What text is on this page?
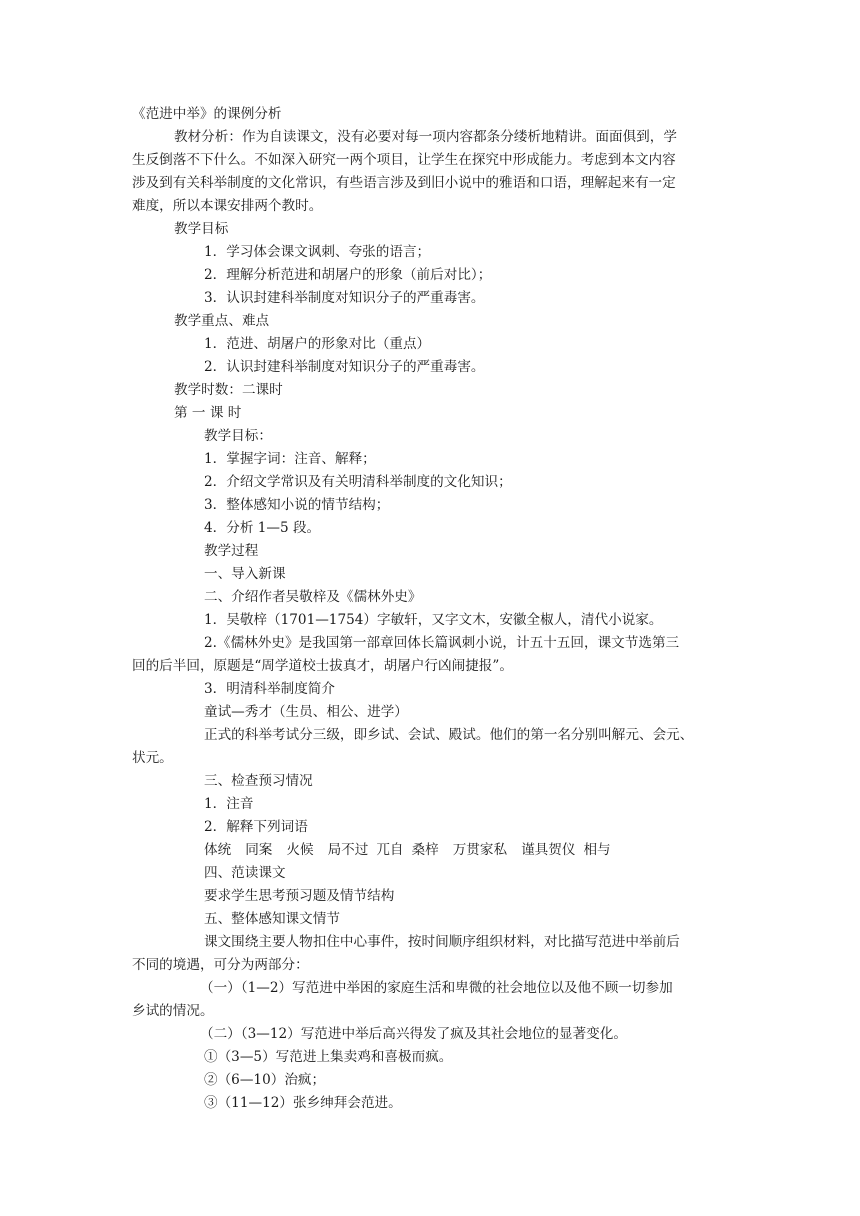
《范进中举》的课例分析
教材分析：作为自读课文，没有必要对每一项内容都条分缕析地精讲。面面俱到，学
生反倒落不下什么。不如深入研究一两个项目，让学生在探究中形成能力。考虑到本文内容
涉及到有关科举制度的文化常识，有些语言涉及到旧小说中的雅语和口语，理解起来有一定
难度，所以本课安排两个教时。
教学目标
1．学习体会课文讽刺、夸张的语言；
2．理解分析范进和胡屠户的形象（前后对比）；
3．认识封建科举制度对知识分子的严重毒害。
教学重点、难点
1．范进、胡屠户的形象对比（重点）
2．认识封建科举制度对知识分子的严重毒害。
教学时数：二课时
第 一 课 时
教学目标：
1．掌握字词：注音、解释；
2．介绍文学常识及有关明清科举制度的文化知识；
3．整体感知小说的情节结构；
4．分析 1—5 段。
教学过程
一、导入新课
二、介绍作者吴敬梓及《儒林外史》
1．吴敬梓（1701—1754）字敏轩，又字文木，安徽全椒人，清代小说家。
2.《儒林外史》是我国第一部章回体长篇讽刺小说，计五十五回，课文节选第三
回的后半回，原题是“周学道校士拔真才，胡屠户行凶闹捷报”。
3．明清科举制度简介
童试—秀才（生员、相公、进学）
正式的科举考试分三级，即乡试、会试、殿试。他们的第一名分别叫解元、会元、
状元。
三、检查预习情况
1．注音
2．解释下列词语
体统 同案 火候 局不过 兀自 桑梓 万贯家私 谨具贺仪 相与
四、范读课文
要求学生思考预习题及情节结构
五、整体感知课文情节
课文围绕主要人物扣住中心事件，按时间顺序组织材料，对比描写范进中举前后
不同的境遇，可分为两部分：
（一）（1—2）写范进中举困的家庭生活和卑微的社会地位以及他不顾一切参加
乡试的情况。
（二）（3—12）写范进中举后高兴得发了疯及其社会地位的显著变化。
①（3—5）写范进上集卖鸡和喜极而疯。
②（6—10）治疯；
③（11—12）张乡绅拜会范进。
